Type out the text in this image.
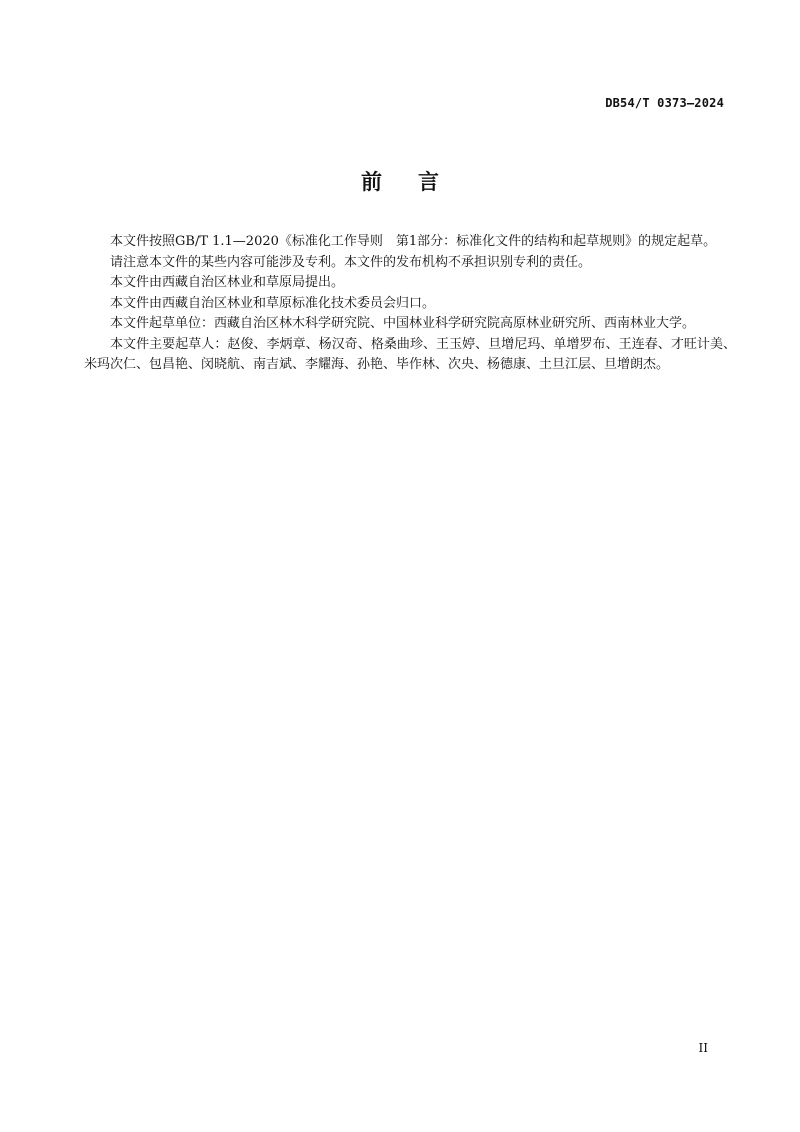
DB54/T 0373—2024
前言

本文件按照GB/T 1.1—2020《标准化工作导则　第1部分：标准化文件的结构和起草规则》的规定起草。

请注意本文件的某些内容可能涉及专利。本文件的发布机构不承担识别专利的责任。

本文件由西藏自治区林业和草原局提出。

本文件由西藏自治区林业和草原标准化技术委员会归口。

本文件起草单位：西藏自治区林木科学研究院、中国林业科学研究院高原林业研究所、西南林业大学。

本文件主要起草人：赵俊、李炳章、杨汉奇、格桑曲珍、王玉婷、旦增尼玛、单增罗布、王连春、才旺计美、米玛次仁、包昌艳、闵晓航、南吉斌、李耀海、孙艳、毕作林、次央、杨德康、土旦江层、旦增朗杰。

II
